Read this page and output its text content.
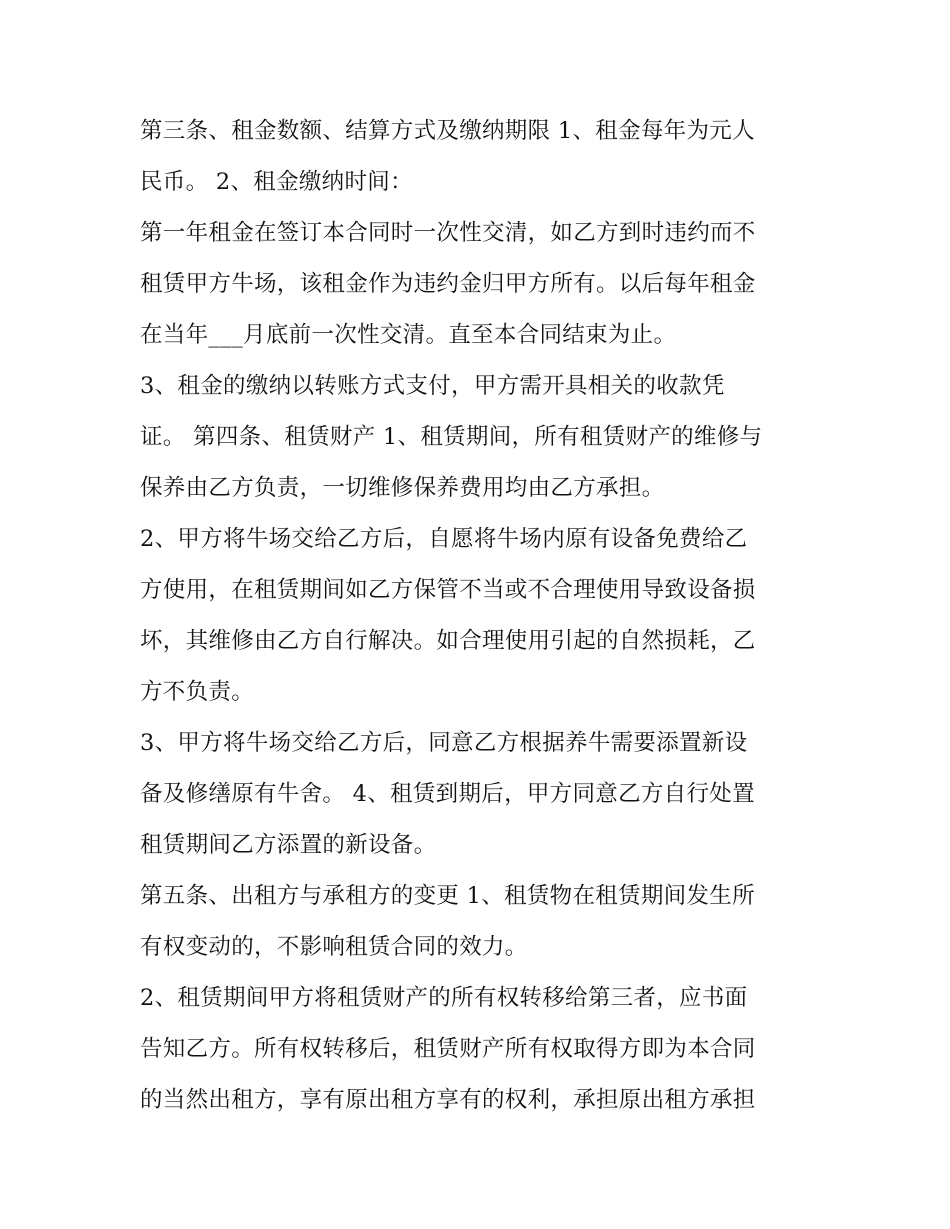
第三条、租金数额、结算方式及缴纳期限 1、租金每年为元人
民币。 2、租金缴纳时间：
第一年租金在签订本合同时一次性交清，如乙方到时违约而不
租赁甲方牛场，该租金作为违约金归甲方所有。以后每年租金
在当年___月底前一次性交清。直至本合同结束为止。
3、租金的缴纳以转账方式支付，甲方需开具相关的收款凭
证。 第四条、租赁财产 1、租赁期间，所有租赁财产的维修与
保养由乙方负责，一切维修保养费用均由乙方承担。
2、甲方将牛场交给乙方后，自愿将牛场内原有设备免费给乙
方使用，在租赁期间如乙方保管不当或不合理使用导致设备损
坏，其维修由乙方自行解决。如合理使用引起的自然损耗，乙
方不负责。
3、甲方将牛场交给乙方后，同意乙方根据养牛需要添置新设
备及修缮原有牛舍。 4、租赁到期后，甲方同意乙方自行处置
租赁期间乙方添置的新设备。
第五条、出租方与承租方的变更 1、租赁物在租赁期间发生所
有权变动的，不影响租赁合同的效力。
2、租赁期间甲方将租赁财产的所有权转移给第三者，应书面
告知乙方。所有权转移后，租赁财产所有权取得方即为本合同
的当然出租方，享有原出租方享有的权利，承担原出租方承担
